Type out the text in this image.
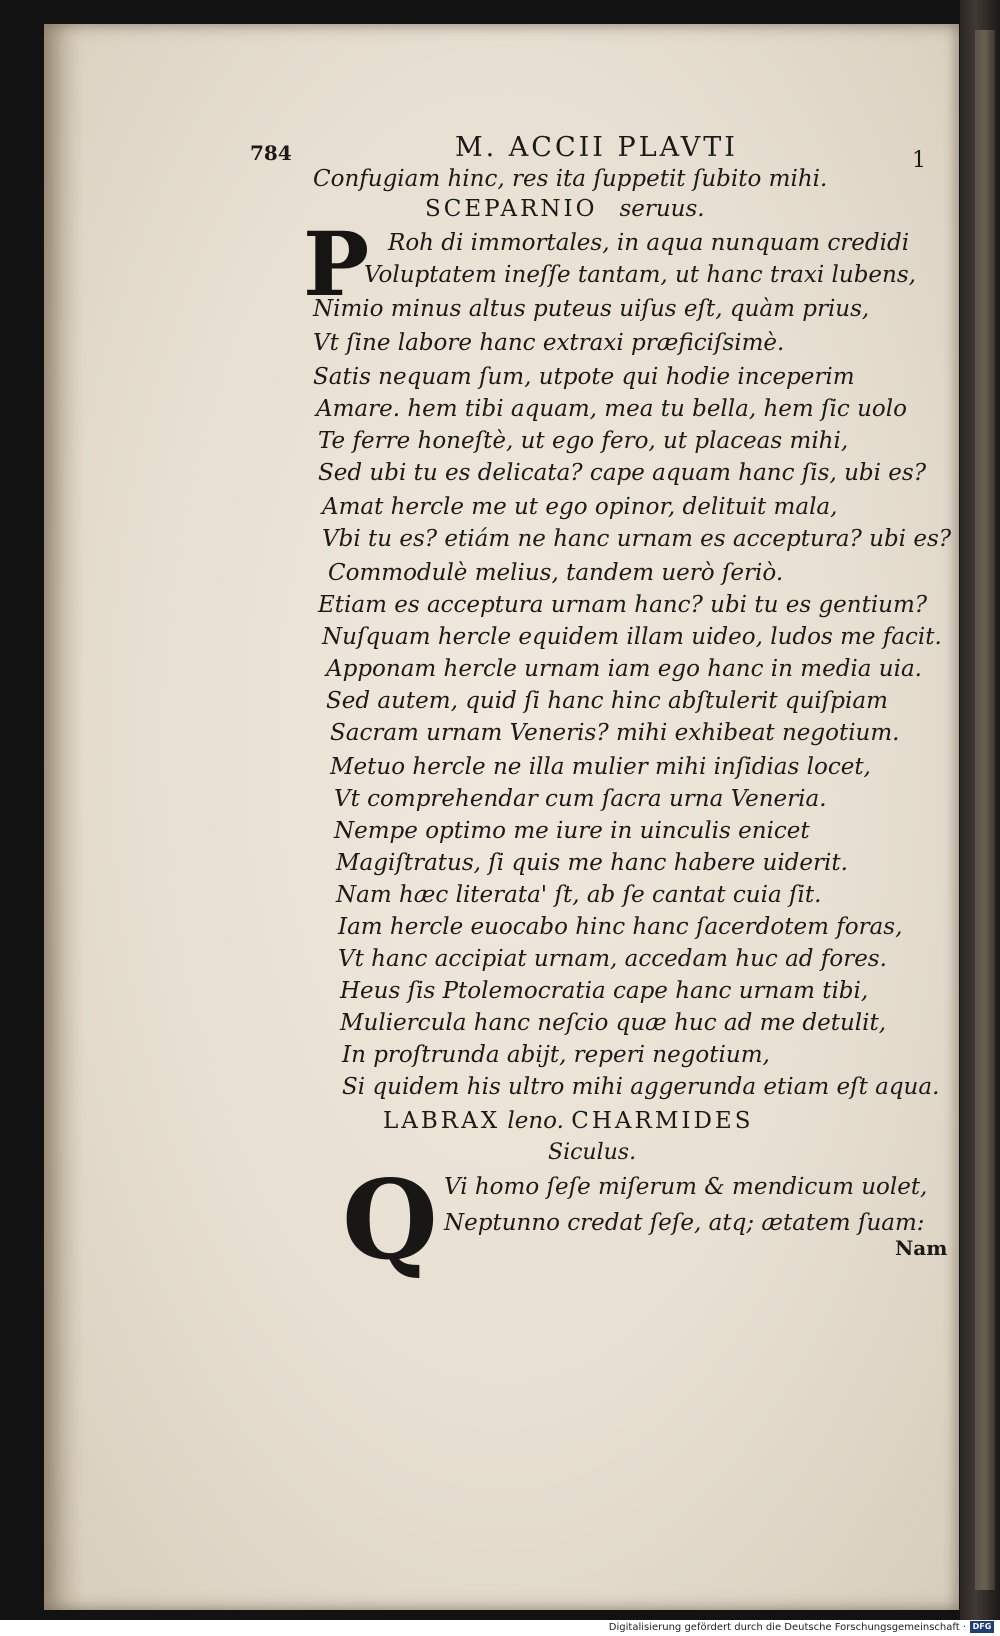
784	M. ACCII PLAVTI	1
Confugiam hinc, res ita ſuppetit ſubito mihi.
SCEPARNIO seruus.
P Roh di immortales, in aqua nunquam credidi
Voluptatem ineſſe tantam, ut hanc traxi lubens,
Nimio minus altus puteus uiſus eſt, quàm prius,
Vt ſine labore hanc extraxi præficiſsimè.
Satis nequam ſum, utpote qui hodie inceperim
Amare. hem tibi aquam, mea tu bella, hem ſic uolo
Te ferre honeſtè, ut ego fero, ut placeas mihi,
Sed ubi tu es delicata? cape aquam hanc ſis, ubi es?
Amat hercle me ut ego opinor, delituit mala,
Vbi tu es? etiám ne hanc urnam es acceptura? ubi es?
Commodulè melius, tandem uerò ſeriò.
Etiam es acceptura urnam hanc? ubi tu es gentium?
Nuſquam hercle equidem illam uideo, ludos me facit.
Apponam hercle urnam iam ego hanc in media uia.
Sed autem, quid ſi hanc hinc abſtulerit quiſpiam
Sacram urnam Veneris? mihi exhibeat negotium.
Metuo hercle ne illa mulier mihi inſidias locet,
Vt comprehendar cum ſacra urna Veneria.
Nempe optimo me iure in uinculis enicet
Magiſtratus, ſi quis me hanc habere uiderit.
Nam hæc literata' ſt, ab ſe cantat cuia ſit.
Iam hercle euocabo hinc hanc ſacerdotem foras,
Vt hanc accipiat urnam, accedam huc ad fores.
Heus ſis Ptolemocratia cape hanc urnam tibi,
Muliercula hanc neſcio quæ huc ad me detulit,
In proſtrunda abijt, reperi negotium,
Si quidem his ultro mihi aggerunda etiam eſt aqua.
LABRAX leno. CHARMIDES
Siculus.
Q Vi homo ſeſe miſerum & mendicum uolet,
Neptunno credat ſeſe, atq; ætatem ſuam:
Nam
Digitalisierung gefördert durch die Deutsche Forschungsgemeinschaft · DFG
